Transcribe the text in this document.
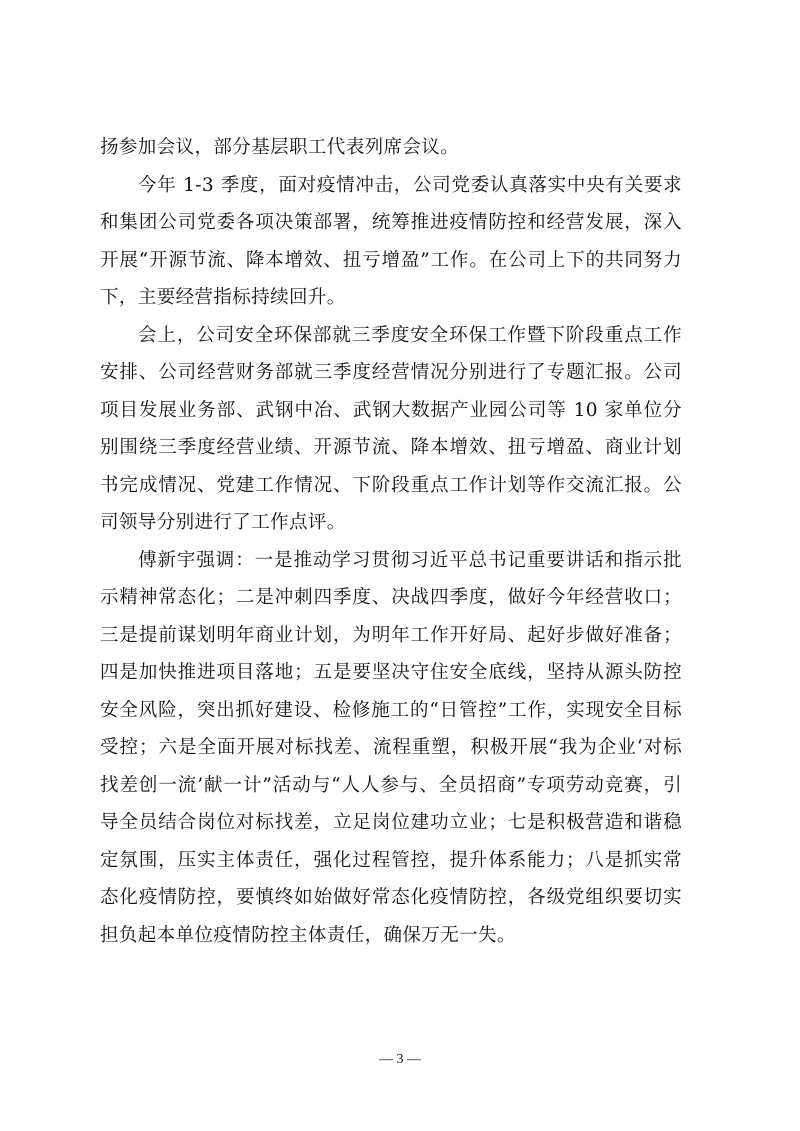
扬参加会议，部分基层职工代表列席会议。

今年 1-3 季度，面对疫情冲击，公司党委认真落实中央有关要求和集团公司党委各项决策部署，统筹推进疫情防控和经营发展，深入开展“开源节流、降本增效、扭亏增盈”工作。在公司上下的共同努力下，主要经营指标持续回升。

会上，公司安全环保部就三季度安全环保工作暨下阶段重点工作安排、公司经营财务部就三季度经营情况分别进行了专题汇报。公司项目发展业务部、武钢中冶、武钢大数据产业园公司等 10 家单位分别围绕三季度经营业绩、开源节流、降本增效、扭亏增盈、商业计划书完成情况、党建工作情况、下阶段重点工作计划等作交流汇报。公司领导分别进行了工作点评。

傅新宇强调：一是推动学习贯彻习近平总书记重要讲话和指示批示精神常态化；二是冲刺四季度、决战四季度，做好今年经营收口；三是提前谋划明年商业计划，为明年工作开好局、起好步做好准备；四是加快推进项目落地；五是要坚决守住安全底线，坚持从源头防控安全风险，突出抓好建设、检修施工的“日管控”工作，实现安全目标受控；六是全面开展对标找差、流程重塑，积极开展“我为企业‘对标找差创一流’献一计”活动与“人人参与、全员招商”专项劳动竞赛，引导全员结合岗位对标找差，立足岗位建功立业；七是积极营造和谐稳定氛围，压实主体责任，强化过程管控，提升体系能力；八是抓实常态化疫情防控，要慎终如始做好常态化疫情防控，各级党组织要切实担负起本单位疫情防控主体责任，确保万无一失。

— 3 —
